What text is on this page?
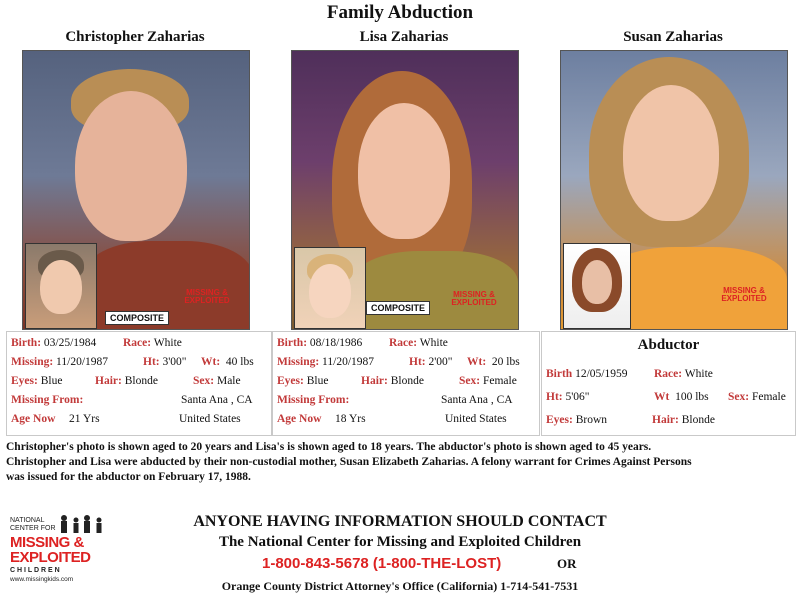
Family Abduction
Christopher Zaharias	Lisa Zaharias	Susan Zaharias
COMPOSITE
MISSING & EXPLOITED
COMPOSITE
MISSING & EXPLOITED
MISSING & EXPLOITED
Birth: 03/25/1984 Race: White
Missing: 11/20/1987	Ht: 3'00" Wt: 40 lbs
Eyes: Blue	Hair: Blonde	Sex: Male
Missing From:	Santa Ana , CA
Age Now 21 Yrs	United States
Birth: 08/18/1986 Race: White
Missing: 11/20/1987	Ht: 2'00" Wt: 20 lbs
Eyes: Blue	Hair: Blonde	Sex: Female
Missing From:	Santa Ana , CA
Age Now 18 Yrs	United States
Abductor
Birth 12/05/1959 Race: White
Ht: 5'06"	Wt 100 lbs Sex: Female
Eyes: Brown	Hair: Blonde
Christopher's photo is shown aged to 20 years and Lisa's is shown aged to 18 years. The abductor's photo is shown aged to 45 years.
Christopher and Lisa were abducted by their non-custodial mother, Susan Elizabeth Zaharias. A felony warrant for Crimes Against Persons
was issued for the abductor on February 17, 1988.
NATIONAL
CENTER FOR
MISSING &
EXPLOITED
C H I L D R E N
www.missingkids.com
ANYONE HAVING INFORMATION SHOULD CONTACT
The National Center for Missing and Exploited Children
1-800-843-5678 (1-800-THE-LOST)	OR
Orange County District Attorney's Office (California) 1-714-541-7531
